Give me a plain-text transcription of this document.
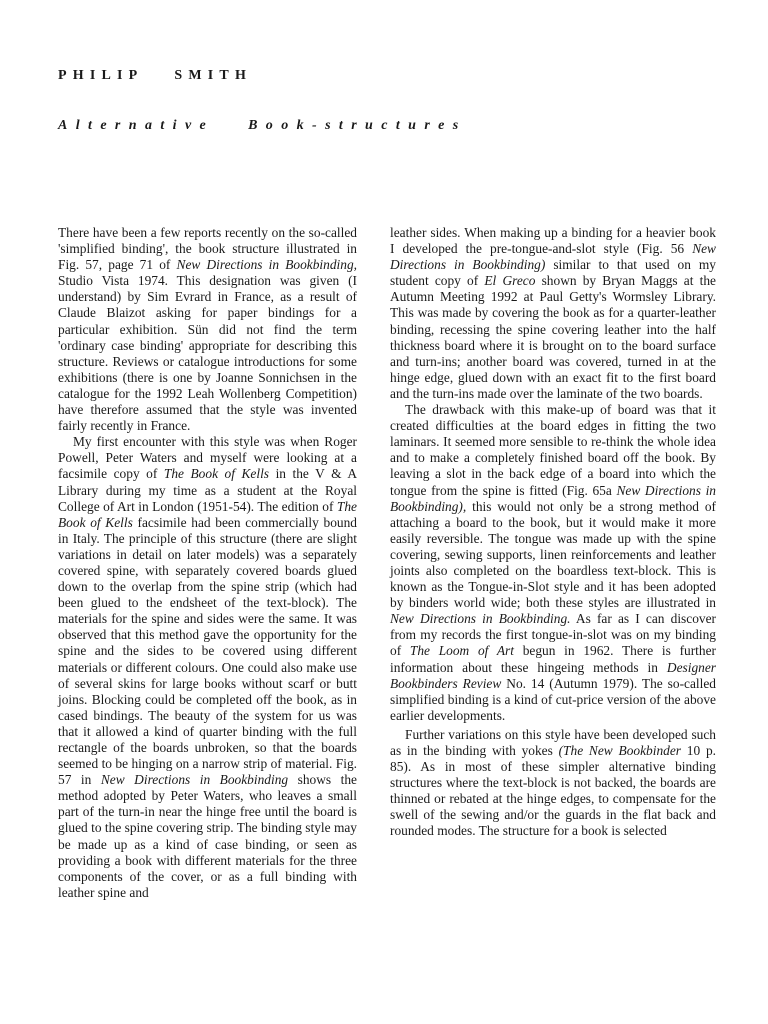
PHILIP SMITH
Alternative Book-structures

There have been a few reports recently on the so-called 'simplified binding', the book structure illustrated in Fig. 57, page 71 of New Directions in Bookbinding, Studio Vista 1974. This designation was given (I understand) by Sim Evrard in France, as a result of Claude Blaizot asking for paper bindings for a particular exhibition. Sün did not find the term 'ordinary case binding' appropriate for describing this structure. Reviews or catalogue introductions for some exhibitions (there is one by Joanne Sonnichsen in the catalogue for the 1992 Leah Wollenberg Competition) have therefore assumed that the style was invented fairly recently in France.

My first encounter with this style was when Roger Powell, Peter Waters and myself were looking at a facsimile copy of The Book of Kells in the V & A Library during my time as a student at the Royal College of Art in London (1951-54). The edition of The Book of Kells facsimile had been commercially bound in Italy. The principle of this structure (there are slight variations in detail on later models) was a separately covered spine, with separately covered boards glued down to the overlap from the spine strip (which had been glued to the endsheet of the text-block). The materials for the spine and sides were the same. It was observed that this method gave the opportunity for the spine and the sides to be covered using different materials or different colours. One could also make use of several skins for large books without scarf or butt joins. Blocking could be completed off the book, as in cased bindings. The beauty of the system for us was that it allowed a kind of quarter binding with the full rectangle of the boards unbroken, so that the boards seemed to be hinging on a narrow strip of material. Fig. 57 in New Directions in Bookbinding shows the method adopted by Peter Waters, who leaves a small part of the turn-in near the hinge free until the board is glued to the spine covering strip. The binding style may be made up as a kind of case binding, or seen as providing a book with different materials for the three components of the cover, or as a full binding with leather spine and

leather sides. When making up a binding for a heavier book I developed the pre-tongue-and-slot style (Fig. 56 New Directions in Bookbinding) similar to that used on my student copy of El Greco shown by Bryan Maggs at the Autumn Meeting 1992 at Paul Getty's Wormsley Library. This was made by covering the book as for a quarter-leather binding, recessing the spine covering leather into the half thickness board where it is brought on to the board surface and turn-ins; another board was covered, turned in at the hinge edge, glued down with an exact fit to the first board and the turn-ins made over the laminate of the two boards.

The drawback with this make-up of board was that it created difficulties at the board edges in fitting the two laminars. It seemed more sensible to re-think the whole idea and to make a completely finished board off the book. By leaving a slot in the back edge of a board into which the tongue from the spine is fitted (Fig. 65a New Directions in Bookbinding), this would not only be a strong method of attaching a board to the book, but it would make it more easily reversible. The tongue was made up with the spine covering, sewing supports, linen reinforcements and leather joints also completed on the boardless text-block. This is known as the Tongue-in-Slot style and it has been adopted by binders world wide; both these styles are illustrated in New Directions in Bookbinding. As far as I can discover from my records the first tongue-in-slot was on my binding of The Loom of Art begun in 1962. There is further information about these hingeing methods in Designer Bookbinders Review No. 14 (Autumn 1979). The so-called simplified binding is a kind of cut-price version of the above earlier developments.

Further variations on this style have been developed such as in the binding with yokes (The New Bookbinder 10 p. 85). As in most of these simpler alternative binding structures where the text-block is not backed, the boards are thinned or rebated at the hinge edges, to compensate for the swell of the sewing and/or the guards in the flat back and rounded modes. The structure for a book is selected
